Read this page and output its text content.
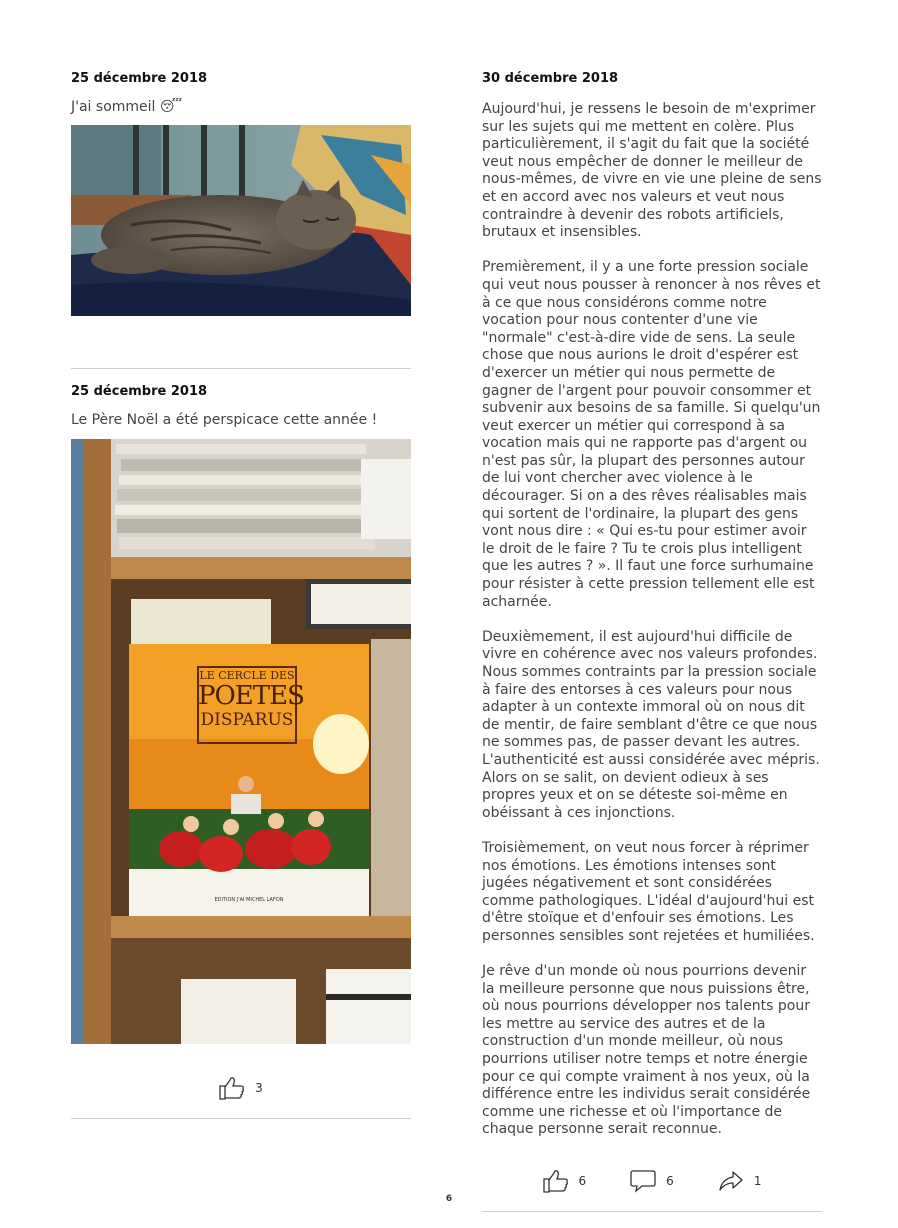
25 décembre 2018
J'ai sommeil 😴
25 décembre 2018
Le Père Noël a été perspicace cette année !
LE CERCLE DES
POETES
DISPARUS
EDITION J'AI MICHEL LAFON
3
30 décembre 2018

Aujourd'hui, je ressens le besoin de m'exprimer sur les sujets qui me mettent en colère. Plus particulièrement, il s'agit du fait que la société veut nous empêcher de donner le meilleur de nous-mêmes, de vivre en vie une pleine de sens et en accord avec nos valeurs et veut nous contraindre à devenir des robots artificiels, brutaux et insensibles.

Premièrement, il y a une forte pression sociale qui veut nous pousser à renoncer à nos rêves et à ce que nous considérons comme notre vocation pour nous contenter d'une vie "normale" c'est-à-dire vide de sens. La seule chose que nous aurions le droit d'espérer est d'exercer un métier qui nous permette de gagner de l'argent pour pouvoir consommer et subvenir aux besoins de sa famille. Si quelqu'un veut exercer un métier qui correspond à sa vocation mais qui ne rapporte pas d'argent ou n'est pas sûr, la plupart des personnes autour de lui vont chercher avec violence à le décourager. Si on a des rêves réalisables mais qui sortent de l'ordinaire, la plupart des gens vont nous dire : « Qui es-tu pour estimer avoir le droit de le faire ? Tu te crois plus intelligent que les autres ? ». Il faut une force surhumaine pour résister à cette pression tellement elle est acharnée.

Deuxièmement, il est aujourd'hui difficile de vivre en cohérence avec nos valeurs profondes. Nous sommes contraints par la pression sociale à faire des entorses à ces valeurs pour nous adapter à un contexte immoral où on nous dit de mentir, de faire semblant d'être ce que nous ne sommes pas, de passer devant les autres. L'authenticité est aussi considérée avec mépris. Alors on se salit, on devient odieux à ses propres yeux et on se déteste soi-même en obéissant à ces injonctions.

Troisièmement, on veut nous forcer à réprimer nos émotions. Les émotions intenses sont jugées négativement et sont considérées comme pathologiques. L'idéal d'aujourd'hui est d'être stoïque et d'enfouir ses émotions. Les personnes sensibles sont rejetées et humiliées.

Je rêve d'un monde où nous pourrions devenir la meilleure personne que nous puissions être, où nous pourrions développer nos talents pour les mettre au service des autres et de la construction d'un monde meilleur, où nous pourrions utiliser notre temps et notre énergie pour ce qui compte vraiment à nos yeux, où la différence entre les individus serait considérée comme une richesse et où l'importance de chaque personne serait reconnue.

6	6	1
6
